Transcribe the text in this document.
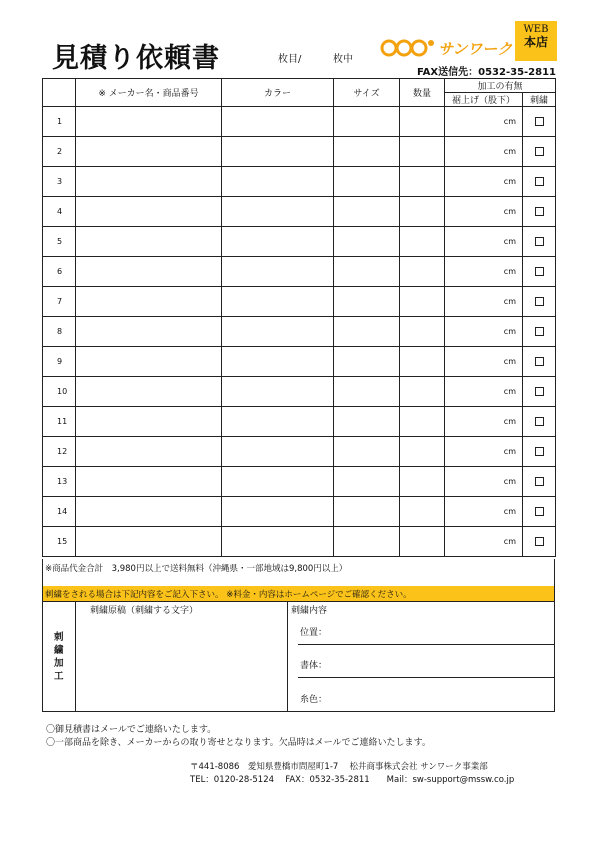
見積り依頼書	枚目/	枚中
サンワーク
WEB
本店
FAX送信先：0532-35-2811
	※ メーカー名・商品番号	カラー	サイズ	数量	加工の有無	
					裾上げ（股下）	刺繍
1					cm	
2					cm	
3					cm	
4					cm	
5					cm	
6					cm	
7					cm	
8					cm	
9					cm	
10					cm	
11					cm	
12					cm	
13					cm	
14					cm	
15					cm	
※商品代金合計　3,980円以上で送料無料（沖縄県・一部地域は9,800円以上）
刺繍をされる場合は下記内容をご記入下さい。 ※料金・内容はホームページでご確認ください。
刺繍加工
刺繍原稿（刺繍する文字）	刺繍内容
位置：
書体：
糸色：
〇御見積書はメールでご連絡いたします。
〇一部商品を除き、メーカーからの取り寄せとなります。欠品時はメールでご連絡いたします。
〒441-8086　愛知県豊橋市問屋町1-7　 松井商事株式会社 サンワーク事業部
TEL：0120-28-5124　 FAX：0532-35-2811　　Mail：sw-support@mssw.co.jp
